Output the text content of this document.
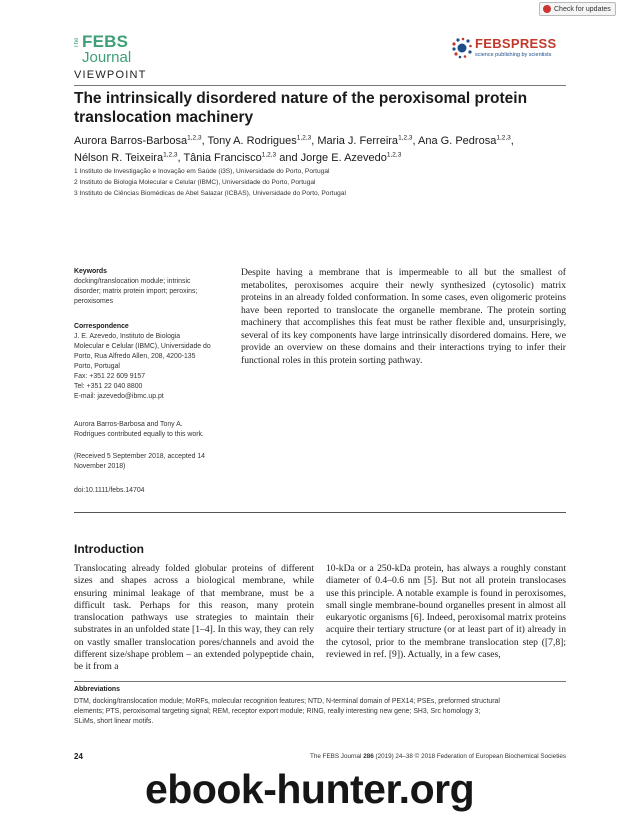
Check for updates
The FEBS
Journal
FEBSPRESS
science publishing by scientists
VIEWPOINT
The intrinsically disordered nature of the peroxisomal protein translocation machinery
Aurora Barros-Barbosa$^{1,2,3}$, Tony A. Rodrigues$^{1,2,3}$, Maria J. Ferreira$^{1,2,3}$, Ana G. Pedrosa$^{1,2,3}$,
Nélson R. Teixeira$^{1,2,3}$, Tânia Francisco$^{1,2,3}$ and Jorge E. Azevedo$^{1,2,3}$
1 Instituto de Investigação e Inovação em Saúde (i3S), Universidade do Porto, Portugal
2 Instituto de Biologia Molecular e Celular (IBMC), Universidade do Porto, Portugal
3 Instituto de Ciências Biomédicas de Abel Salazar (ICBAS), Universidade do Porto, Portugal
Keywords
docking/translocation module; intrinsic
disorder; matrix protein import; peroxins;
peroxisomes
Correspondence
J. E. Azevedo, Instituto de Biologia
Molecular e Celular (IBMC), Universidade do
Porto, Rua Alfredo Allen, 208, 4200-135
Porto, Portugal
Fax: +351 22 609 9157
Tel: +351 22 040 8800
E-mail: jazevedo@ibmc.up.pt
Aurora Barros-Barbosa and Tony A.
Rodrigues contributed equally to this work.
(Received 5 September 2018, accepted 14
November 2018)
doi:10.1111/febs.14704
Despite having a membrane that is impermeable to all but the smallest of metabolites, peroxisomes acquire their newly synthesized (cytosolic) matrix proteins in an already folded conformation. In some cases, even oligomeric proteins have been reported to translocate the organelle membrane. The protein sorting machinery that accomplishes this feat must be rather flexible and, unsurprisingly, several of its key components have large intrinsically disordered domains. Here, we provide an overview on these domains and their interactions trying to infer their functional roles in this protein sorting pathway.
Introduction
Translocating already folded globular proteins of different sizes and shapes across a biological membrane, while ensuring minimal leakage of that membrane, must be a difficult task. Perhaps for this reason, many protein translocation pathways use strategies to maintain their substrates in an unfolded state [1–4]. In this way, they can rely on vastly smaller translocation pores/channels and avoid the different size/shape problem – an extended polypeptide chain, be it from a
10-kDa or a 250-kDa protein, has always a roughly constant diameter of 0.4–0.6 nm [5]. But not all protein translocases use this principle. A notable example is found in peroxisomes, small single membrane-bound organelles present in almost all eukaryotic organisms [6]. Indeed, peroxisomal matrix proteins acquire their tertiary structure (or at least part of it) already in the cytosol, prior to the membrane translocation step ([7,8]; reviewed in ref. [9]). Actually, in a few cases,
Abbreviations
DTM, docking/translocation module; MoRFs, molecular recognition features; NTD, N-terminal domain of PEX14; PSEs, preformed structural
elements; PTS, peroxisomal targeting signal; REM, receptor export module; RING, really interesting new gene; SH3, Src homology 3;
SLiMs, short linear motifs.
24	The FEBS Journal 286 (2019) 24–38 © 2018 Federation of European Biochemical Societies
ebook-hunter.org
